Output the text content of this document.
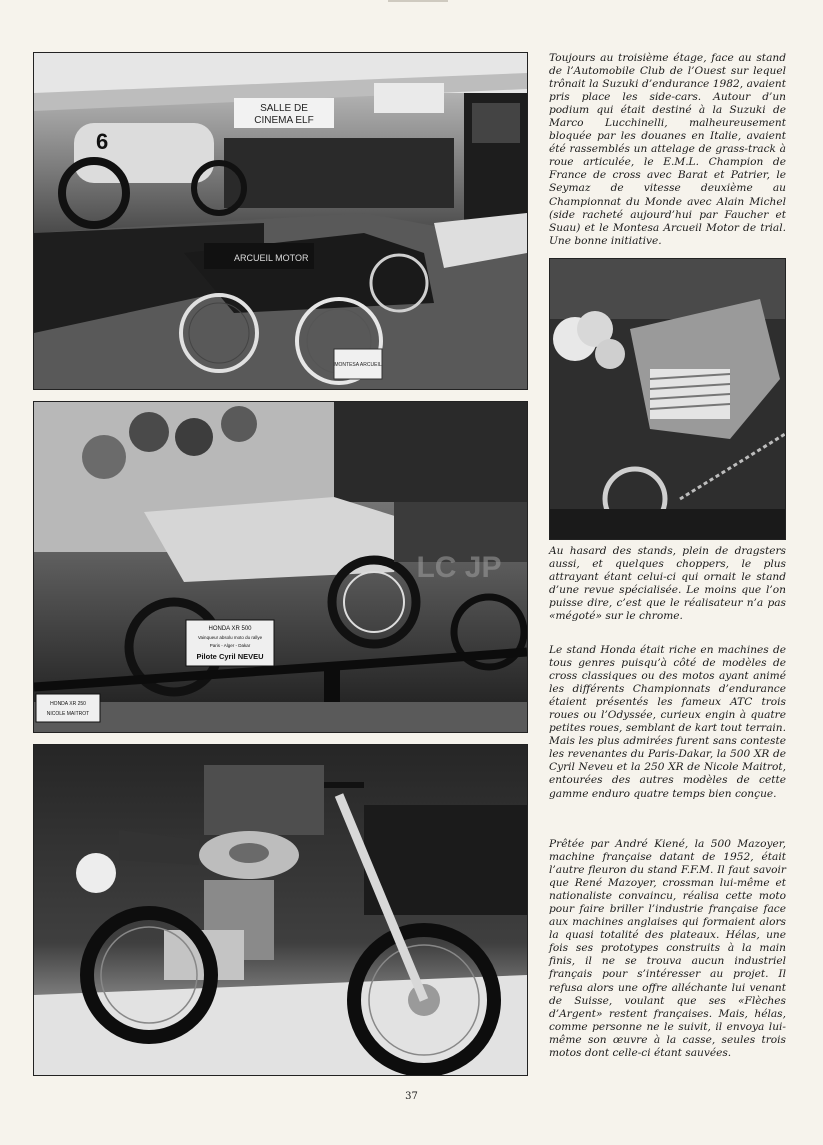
SALLE DE
CINEMA ELF
6
ARCUEIL MOTOR
MONTESA ARCUEIL
HONDA XR 500
Vainqueur absolu moto du rallye
Paris - Alger - Dakar
Pilote Cyril NEVEU
HONDA XR 250
NICOLE MAITROT
LC JP

Toujours au troisième étage, face au stand de l’Automobile Club de l’Ouest sur lequel trônait la Suzuki d’endurance 1982, avaient pris place les side-cars. Autour d’un podium qui était destiné à la Suzuki de Marco Lucchinelli, malheureusement bloquée par les douanes en Italie, avaient été rassemblés un attelage de grass-track à roue articulée, le E.M.L. Champion de France de cross avec Barat et Patrier, le Seymaz de vitesse deuxième au Championnat du Monde avec Alain Michel (side racheté aujourd’hui par Faucher et Suau) et le Montesa Arcueil Motor de trial. Une bonne initiative.

Au hasard des stands, plein de dragsters aussi, et quelques choppers, le plus attrayant étant celui-ci qui ornait le stand d’une revue spécialisée. Le moins que l’on puisse dire, c’est que le réalisateur n’a pas «mégoté» sur le chrome.

Le stand Honda était riche en machines de tous genres puisqu’à côté de modèles de cross classiques ou des motos ayant animé les différents Championnats d’endurance étaient présentés les fameux ATC trois roues ou l’Odyssée, curieux engin à quatre petites roues, semblant de kart tout terrain. Mais les plus admirées furent sans conteste les revenantes du Paris-Dakar, la 500 XR de Cyril Neveu et la 250 XR de Nicole Maitrot, entourées des autres modèles de cette gamme enduro quatre temps bien conçue.

Prêtée par André Kiené, la 500 Mazoyer, machine française datant de 1952, était l’autre fleuron du stand F.F.M. Il faut savoir que René Mazoyer, crossman lui-même et nationaliste convaincu, réalisa cette moto pour faire briller l’industrie française face aux machines anglaises qui formaient alors la quasi totalité des plateaux. Hélas, une fois ses prototypes construits à la main finis, il ne se trouva aucun industriel français pour s’intéresser au projet. Il refusa alors une offre alléchante lui venant de Suisse, voulant que ses «Flèches d’Argent» restent françaises. Mais, hélas, comme personne ne le suivit, il envoya lui-même son œuvre à la casse, seules trois motos dont celle-ci étant sauvées.

37
